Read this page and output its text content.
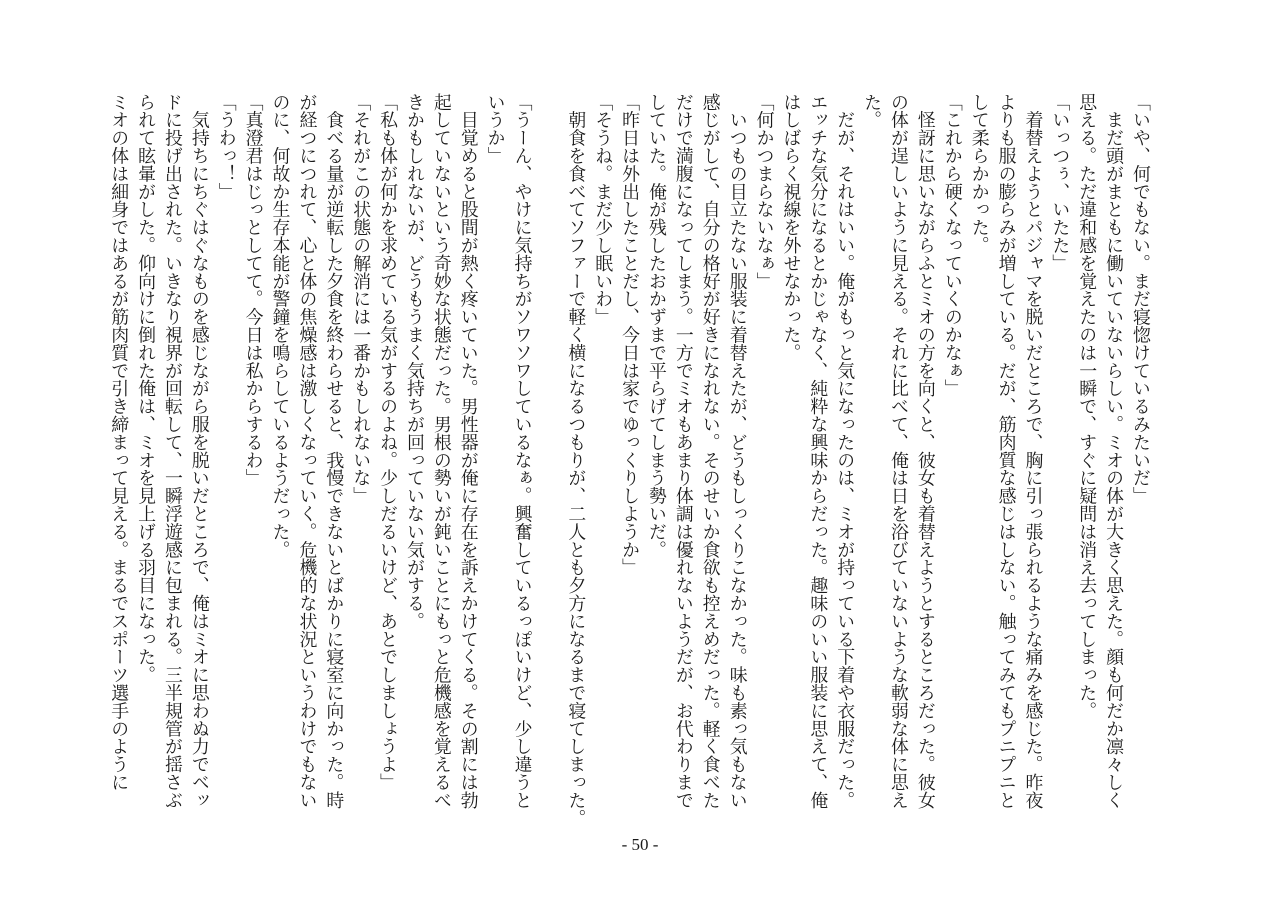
「いや、何でもない。まだ寝惚けているみたいだ」

　まだ頭がまともに働いていないらしい。ミオの体が大きく思えた。顔も何だか凛々しく

思える。ただ違和感を覚えたのは一瞬で、すぐに疑問は消え去ってしまった。

「いっつぅ、いたた」

　着替えようとパジャマを脱いだところで、胸に引っ張られるような痛みを感じた。昨夜

よりも服の膨らみが増している。だが、筋肉質な感じはしない。触ってみてもプニプニと

して柔らかかった。

「これから硬くなっていくのかなぁ」

　怪訝に思いながらふとミオの方を向くと、彼女も着替えようとするところだった。彼女

の体が逞しいように見える。それに比べて、俺は日を浴びていないような軟弱な体に思え

た。

　だが、それはいい。俺がもっと気になったのは、ミオが持っている下着や衣服だった。

エッチな気分になるとかじゃなく、純粋な興味からだった。趣味のいい服装に思えて、俺

はしばらく視線を外せなかった。

「何かつまらないなぁ」

　いつもの目立たない服装に着替えたが、どうもしっくりこなかった。味も素っ気もない

感じがして、自分の格好が好きになれない。そのせいか食欲も控えめだった。軽く食べた

だけで満腹になってしまう。一方でミオもあまり体調は優れないようだが、お代わりまで

していた。俺が残したおかずまで平らげてしまう勢いだ。

「昨日は外出したことだし、今日は家でゆっくりしようか」

「そうね。まだ少し眠いわ」

　朝食を食べてソファーで軽く横になるつもりが、二人とも夕方になるまで寝てしまった。

「うーん、やけに気持ちがソワソワしているなぁ。興奮しているっぽいけど、少し違うと

いうか」

　目覚めると股間が熱く疼いていた。男性器が俺に存在を訴えかけてくる。その割には勃

起していないという奇妙な状態だった。男根の勢いが鈍いことにもっと危機感を覚えるべ

きかもしれないが、どうもうまく気持ちが回っていない気がする。

「私も体が何かを求めている気がするのよね。少しだるいけど、あとでしましょうよ」

「それがこの状態の解消には一番かもしれないな」

　食べる量が逆転した夕食を終わらせると、我慢できないとばかりに寝室に向かった。時

が経つにつれて、心と体の焦燥感は激しくなっていく。危機的な状況というわけでもない

のに、何故か生存本能が警鐘を鳴らしているようだった。

「真澄君はじっとしてて。今日は私からするわ」

「うわっ！」

　気持ちにちぐはぐなものを感じながら服を脱いだところで、俺はミオに思わぬ力でベッ

ドに投げ出された。いきなり視界が回転して、一瞬浮遊感に包まれる。三半規管が揺さぶ

られて眩暈がした。仰向けに倒れた俺は、ミオを見上げる羽目になった。

ミオの体は細身ではあるが筋肉質で引き締まって見える。まるでスポーツ選手のように

- 50 -
